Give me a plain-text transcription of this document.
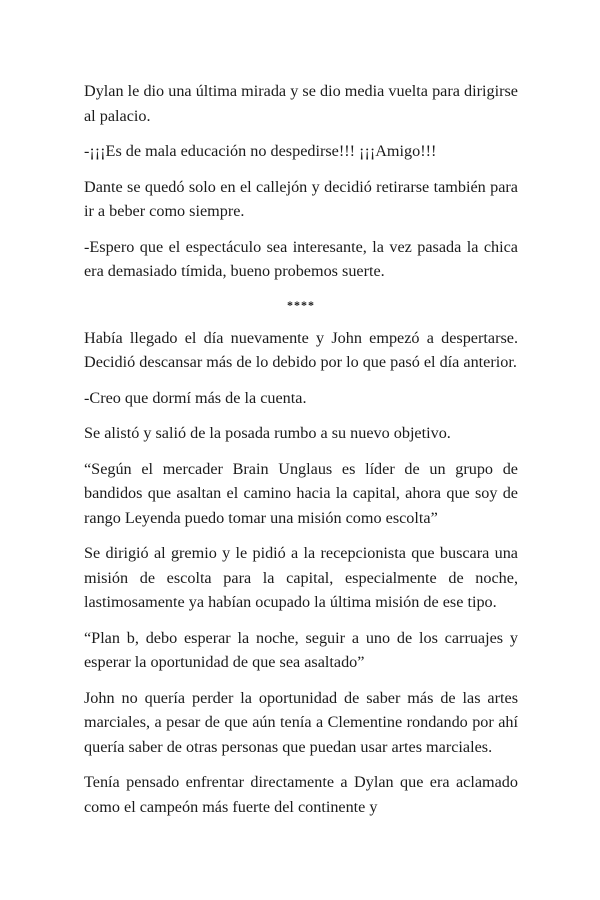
Dylan le dio una última mirada y se dio media vuelta para dirigirse al palacio.

-¡¡¡Es de mala educación no despedirse!!! ¡¡¡Amigo!!!

Dante se quedó solo en el callejón y decidió retirarse también para ir a beber como siempre.

-Espero que el espectáculo sea interesante, la vez pasada la chica era demasiado tímida, bueno probemos suerte.

****

Había llegado el día nuevamente y John empezó a despertarse. Decidió descansar más de lo debido por lo que pasó el día anterior.

-Creo que dormí más de la cuenta.

Se alistó y salió de la posada rumbo a su nuevo objetivo.

“Según el mercader Brain Unglaus es líder de un grupo de bandidos que asaltan el camino hacia la capital, ahora que soy de rango Leyenda puedo tomar una misión como escolta”

Se dirigió al gremio y le pidió a la recepcionista que buscara una misión de escolta para la capital, especialmente de noche, lastimosamente ya habían ocupado la última misión de ese tipo.

“Plan b, debo esperar la noche, seguir a uno de los carruajes y esperar la oportunidad de que sea asaltado”

John no quería perder la oportunidad de saber más de las artes marciales, a pesar de que aún tenía a Clementine rondando por ahí quería saber de otras personas que puedan usar artes marciales.

Tenía pensado enfrentar directamente a Dylan que era aclamado como el campeón más fuerte del continente y
